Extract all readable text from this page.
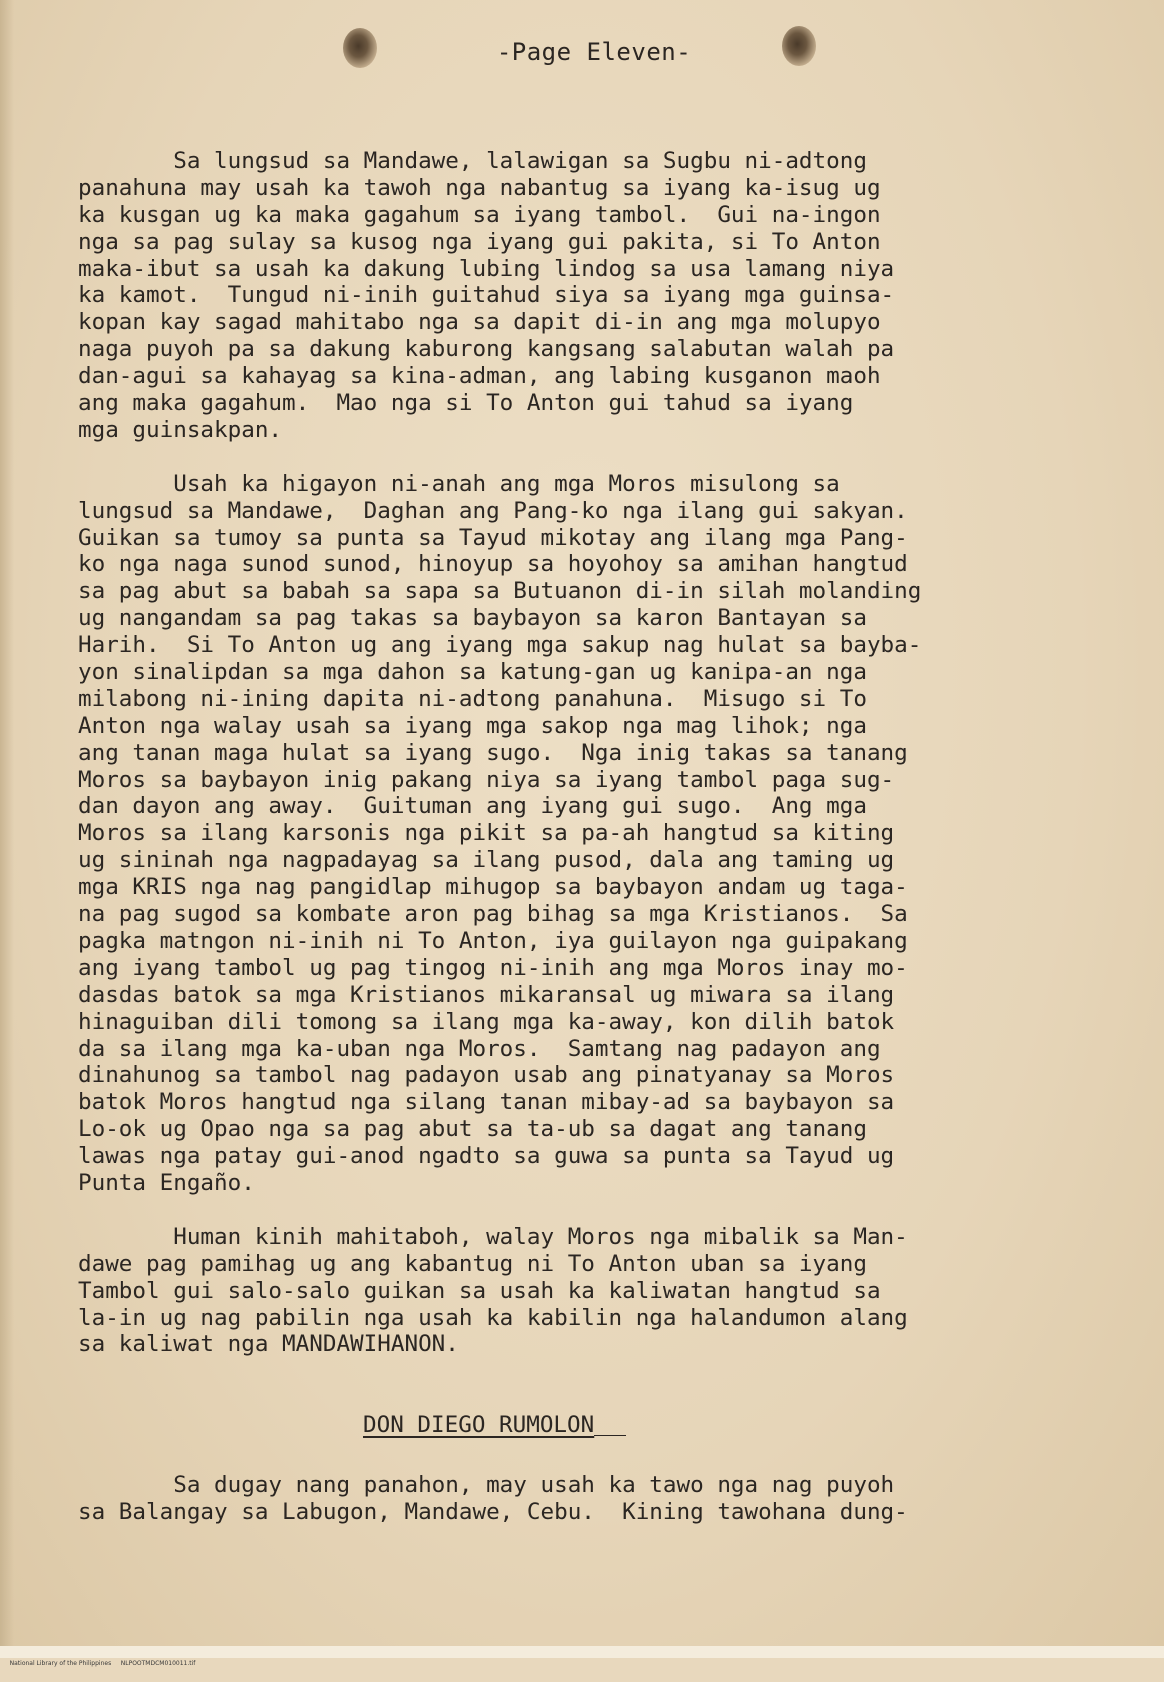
-Page Eleven-
Sa lungsud sa Mandawe, lalawigan sa Sugbu ni-adtong
panahuna may usah ka tawoh nga nabantug sa iyang ka-isug ug
ka kusgan ug ka maka gagahum sa iyang tambol.  Gui na-ingon
nga sa pag sulay sa kusog nga iyang gui pakita, si To Anton
maka-ibut sa usah ka dakung lubing lindog sa usa lamang niya
ka kamot.  Tungud ni-inih guitahud siya sa iyang mga guinsa-
kopan kay sagad mahitabo nga sa dapit di-in ang mga molupyo
naga puyoh pa sa dakung kaburong kangsang salabutan walah pa
dan-agui sa kahayag sa kina-adman, ang labing kusganon maoh
ang maka gagahum.  Mao nga si To Anton gui tahud sa iyang
mga guinsakpan.
Usah ka higayon ni-anah ang mga Moros misulong sa
lungsud sa Mandawe,  Daghan ang Pang-ko nga ilang gui sakyan.
Guikan sa tumoy sa punta sa Tayud mikotay ang ilang mga Pang-
ko nga naga sunod sunod, hinoyup sa hoyohoy sa amihan hangtud
sa pag abut sa babah sa sapa sa Butuanon di-in silah molanding
ug nangandam sa pag takas sa baybayon sa karon Bantayan sa
Harih.  Si To Anton ug ang iyang mga sakup nag hulat sa bayba-
yon sinalipdan sa mga dahon sa katung-gan ug kanipa-an nga
milabong ni-ining dapita ni-adtong panahuna.  Misugo si To
Anton nga walay usah sa iyang mga sakop nga mag lihok; nga
ang tanan maga hulat sa iyang sugo.  Nga inig takas sa tanang
Moros sa baybayon inig pakang niya sa iyang tambol paga sug-
dan dayon ang away.  Guituman ang iyang gui sugo.  Ang mga
Moros sa ilang karsonis nga pikit sa pa-ah hangtud sa kiting
ug sininah nga nagpadayag sa ilang pusod, dala ang taming ug
mga KRIS nga nag pangidlap mihugop sa baybayon andam ug taga-
na pag sugod sa kombate aron pag bihag sa mga Kristianos.  Sa
pagka matngon ni-inih ni To Anton, iya guilayon nga guipakang
ang iyang tambol ug pag tingog ni-inih ang mga Moros inay mo-
dasdas batok sa mga Kristianos mikaransal ug miwara sa ilang
hinaguiban dili tomong sa ilang mga ka-away, kon dilih batok
da sa ilang mga ka-uban nga Moros.  Samtang nag padayon ang
dinahunog sa tambol nag padayon usab ang pinatyanay sa Moros
batok Moros hangtud nga silang tanan mibay-ad sa baybayon sa
Lo-ok ug Opao nga sa pag abut sa ta-ub sa dagat ang tanang
lawas nga patay gui-anod ngadto sa guwa sa punta sa Tayud ug
Punta Engaño.
Human kinih mahitaboh, walay Moros nga mibalik sa Man-
dawe pag pamihag ug ang kabantug ni To Anton uban sa iyang
Tambol gui salo-salo guikan sa usah ka kaliwatan hangtud sa
la-in ug nag pabilin nga usah ka kabilin nga halandumon alang
sa kaliwat nga MANDAWIHANON.
DON DIEGO RUMOLON
Sa dugay nang panahon, may usah ka tawo nga nag puyoh
sa Balangay sa Labugon, Mandawe, Cebu.  Kining tawohana dung-

National Library of the Philippines     NLPOOTMDCM010011.tif
